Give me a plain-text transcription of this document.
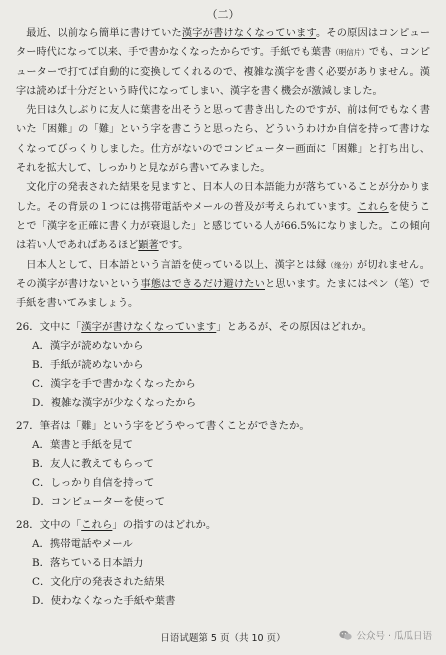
（二）

最近、以前なら簡単に書けていた漢字が書けなくなっています。その原因はコンピューター時代になって以来、手で書かなくなったからです。手紙でも葉書（明信片）でも、コンピューターで打てば自動的に変換してくれるので、複雑な漢字を書く必要がありません。漢字は読めば十分だという時代になってしまい、漢字を書く機会が激減しました。

先日は久しぶりに友人に葉書を出そうと思って書き出したのですが、前は何でもなく書いた「困難」の「難」という字を書こうと思ったら、どういうわけか自信を持って書けなくなってびっくりしました。仕方がないのでコンピューター画面に「困難」と打ち出し、それを拡大して、しっかりと見ながら書いてみました。

文化庁の発表された結果を見ますと、日本人の日本語能力が落ちていることが分かりました。その背景の１つには携帯電話やメールの普及が考えられています。これらを使うことで「漢字を正確に書く力が衰退した」と感じている人が66.5%になりました。この傾向は若い人であればあるほど顕著です。

日本人として、日本語という言語を使っている以上、漢字とは縁（缘分）が切れません。その漢字が書けないという事態はできるだけ避けたいと思います。たまにはペン（笔）で手紙を書いてみましょう。

26．文中に「漢字が書けなくなっています」とあるが、その原因はどれか。

A．漢字が読めないから

B．手紙が読めないから

C．漢字を手で書かなくなったから

D．複雑な漢字が少なくなったから

27．筆者は「難」という字をどうやって書くことができたか。

A．葉書と手紙を見て

B．友人に教えてもらって

C．しっかり自信を持って

D．コンピューターを使って

28．文中の「これら」の指すのはどれか。

A．携帯電話やメール

B．落ちている日本語力

C．文化庁の発表された結果

D．使わなくなった手紙や葉書

日语试题第 5 页（共 10 页）	公众号 · 瓜瓜日语
